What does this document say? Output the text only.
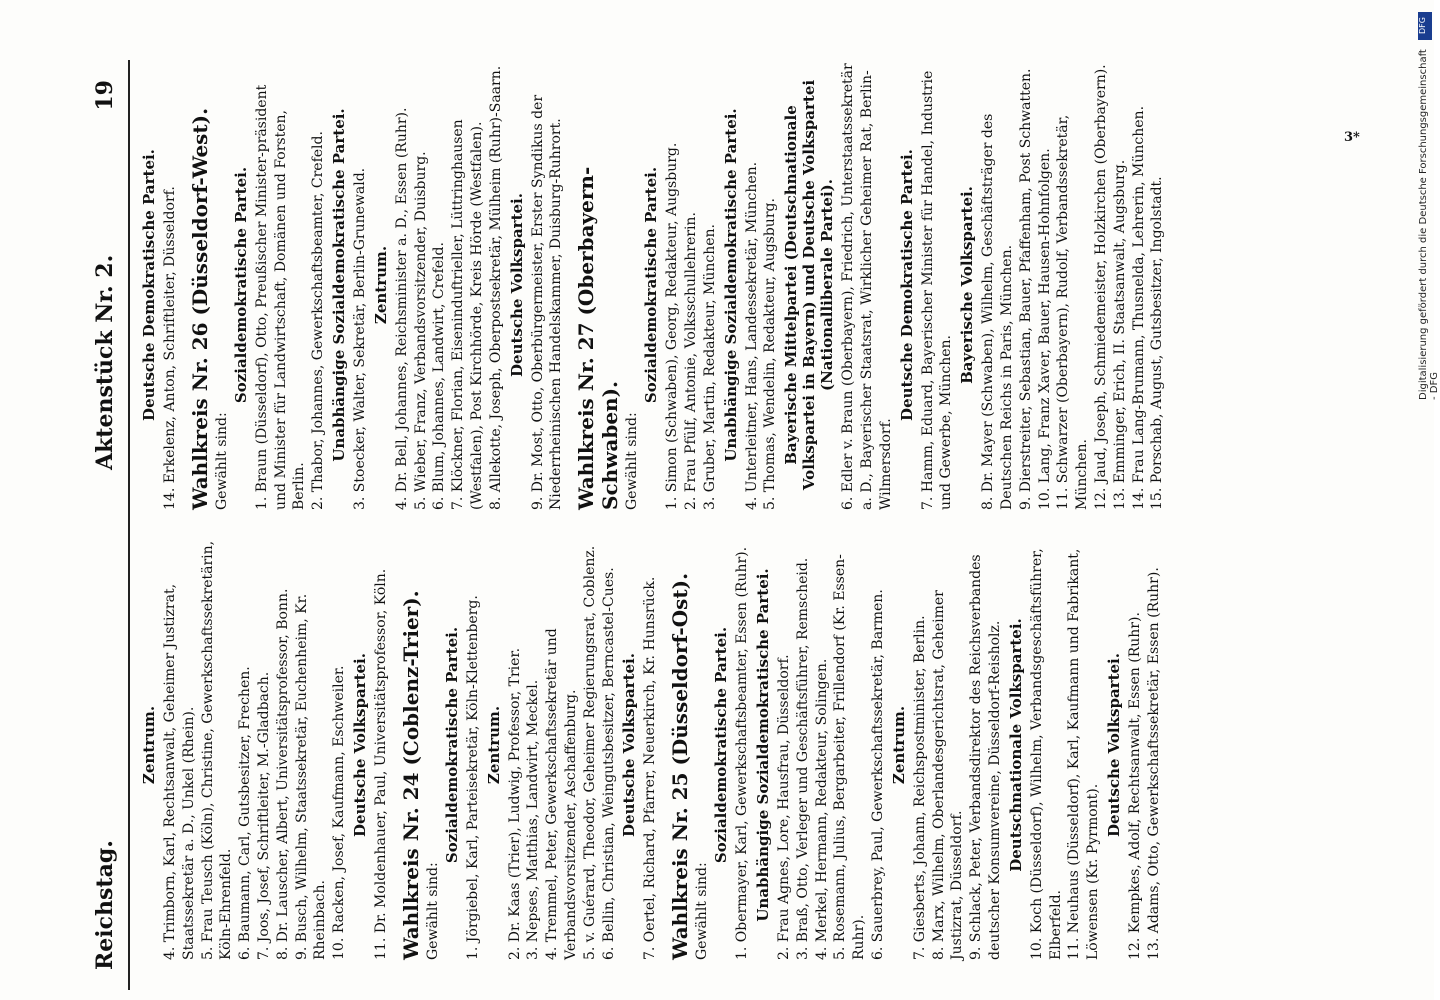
Reichstag.
Aktenstück Nr. 2.
19
Zentrum. 4. Trimborn, Karl, Rechtsanwalt, Geheimer Justizrat, Staatssekretär a. D., Unkel (Rhein). 5. Frau Teusch (Köln), Christine, Gewerkschaftssekretärin, Köln-Ehrenfeld. 6. Baumann, Carl, Gutsbesitzer, Frechen. 7. Joos, Josef, Schriftleiter, M.-Gladbach. 8. Dr. Lauscher, Albert, Universitätsprofessor, Bonn. 9. Busch, Wilhelm, Staatssekretär, Euchenheim, Kr. Rheinbach. 10. Racken, Josef, Kaufmann, Eschweiler. Deutsche Volkspartei. 11. Dr. Moldenhauer, Paul, Universitätsprofessor, Köln. Wahlkreis Nr. 24 (Coblenz-Trier). Gewählt sind:
Sozialdemokratische Partei. 1. Jörgiebel, Karl, Parteisekretär, Köln-Klettenberg. Zentrum. 2. Dr. Kaas (Trier), Ludwig, Professor, Trier. 3. Nepses, Matthias, Landwirt, Meckel. 4. Tremmel, Peter, Gewerkschaftssekretär und Verbandsvorsitzender, Aschaffenburg. 5. v. Guérard, Theodor, Geheimer Regierungsrat, Coblenz. 6. Bellin, Christian, Weingutsbesitzer, Berncastel-Cues. Deutsche Volkspartei. 7. Oertel, Richard, Pfarrer, Neuerkirch, Kr. Hunsrück. Wahlkreis Nr. 25 (Düsseldorf-Ost). Gewählt sind:
Sozialdemokratische Partei. 1. Obermayer, Karl, Gewerkschaftsbeamter, Essen (Ruhr). Unabhängige Sozialdemokratische Partei. 2. Frau Agnes, Lore, Hausfrau, Düsseldorf. 3. Braß, Otto, Verleger und Geschäftsführer, Remscheid. 4. Merkel, Hermann, Redakteur, Solingen. 5. Rosemann, Julius, Bergarbeiter, Frillendorf (Kr. Essen-Ruhr). 6. Sauerbrey, Paul, Gewerkschaftssekretär, Barmen. Zentrum. 7. Giesberts, Johann, Reichspostminister, Berlin. 8. Marx, Wilhelm, Oberlandesgerichtsrat, Geheimer Justizrat, Düsseldorf. 9. Schlack, Peter, Verbandsdirektor des Reichsverbandes deutscher Konsumvereine, Düsseldorf-Reisholz. Deutschnationale Volkspartei. 10. Koch (Düsseldorf), Wilhelm, Verbandsgeschäftsführer, Elberfeld. 11. Neuhaus (Düsseldorf), Karl, Kaufmann und Fabrikant, Löwensen (Kr. Pyrmont).
Deutsche Volkspartei. 12. Kempkes, Adolf, Rechtsanwalt, Essen (Ruhr). 13. Adams, Otto, Gewerkschaftssekretär, Essen (Ruhr).
Deutsche Demokratische Partei. 14. Erkelenz, Anton, Schriftleiter, Düsseldorf. Wahlkreis Nr. 26 (Düsseldorf-West). Gewählt sind:
Sozialdemokratische Partei. 1. Braun (Düsseldorf), Otto, Preußischer Minister-präsident und Minister für Landwirtschaft, Domänen und Forsten, Berlin. 2. Thabor, Johannes, Gewerkschaftsbeamter, Crefeld. Unabhängige Sozialdemokratische Partei. 3. Stoecker, Walter, Sekretär, Berlin-Grunewald. Zentrum. 4. Dr. Bell, Johannes, Reichsminister a. D., Essen (Ruhr). 5. Wieber, Franz, Verbandsvorsitzender, Duisburg. 6. Blum, Johannes, Landwirt, Crefeld. 7. Klöckner, Florian, Eiseninduftrieller, Lüttringhausen (Westfalen), Post Kirchhörde, Kreis Hörde (Westfalen). 8. Allekotte, Joseph, Oberpostsekretär, Mülheim (Ruhr)-Saarn. Deutsche Volkspartei. 9. Dr. Most, Otto, Oberbürgermeister, Erster Syndikus der Niederrheinischen Handelskammer, Duisburg-Ruhrort. Wahlkreis Nr. 27 (Oberbayern-Schwaben). Gewählt sind:
Sozialdemokratische Partei. 1. Simon (Schwaben), Georg, Redakteur, Augsburg. 2. Frau Pfülf, Antonie, Volksschullehrerin. 3. Gruber, Martin, Redakteur, München. Unabhängige Sozialdemokratische Partei. 4. Unterleitner, Hans, Landessekretär, München. 5. Thomas, Wendelin, Redakteur, Augsburg. Bayerische Mittelpartei (Deutschnationale Volkspartei in Bayern) und Deutsche Volkspartei (Nationalliberale Partei). 6. Edler v. Braun (Oberbayern), Friedrich, Unterstaatssekretär a. D., Bayerischer Staatsrat, Wirklicher Geheimer Rat, Berlin-Wilmersdorf.
Deutsche Demokratische Partei. 7. Hamm, Eduard, Bayerischer Minister für Handel, Industrie und Gewerbe, München.
Bayerische Volkspartei. 8. Dr. Mayer (Schwaben), Wilhelm, Geschäftsträger des Deutschen Reichs in Paris, München. 9. Dierstreiter, Sebastian, Bauer, Pfaffenham, Post Schwatten. 10. Lang, Franz Xaver, Bauer, Hausen-Hohnfolgen. 11. Schwarzer (Oberbayern), Rudolf, Verbandssekretär, München. 12. Jaud, Joseph, Schmiedemeister, Holzkirchen (Oberbayern). 13. Emminger, Erich, II. Staatsanwalt, Augsburg. 14. Frau Lang-Brumann, Thusnelda, Lehrerin, München. 15. Porschab, August, Gutsbesitzer, Ingolstadt.
DFG
Digitalisierung gefördert durch die Deutsche Forschungsgemeinschaft - DFG
3*
